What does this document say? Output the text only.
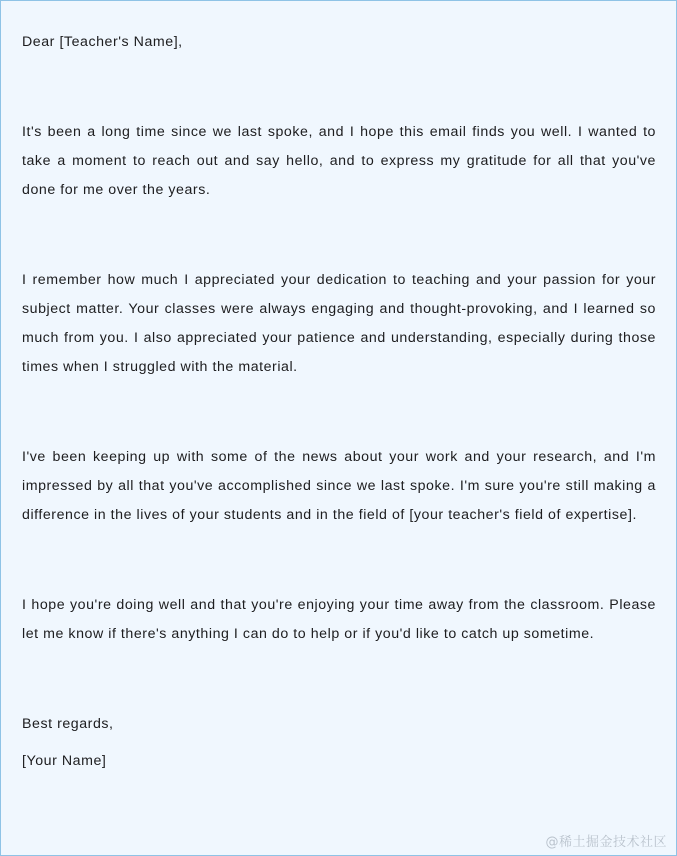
Dear [Teacher's Name],

It's been a long time since we last spoke, and I hope this email finds you well. I wanted to take a moment to reach out and say hello, and to express my gratitude for all that you've done for me over the years.

I remember how much I appreciated your dedication to teaching and your passion for your subject matter. Your classes were always engaging and thought-provoking, and I learned so much from you. I also appreciated your patience and understanding, especially during those times when I struggled with the material.

I've been keeping up with some of the news about your work and your research, and I'm impressed by all that you've accomplished since we last spoke. I'm sure you're still making a difference in the lives of your students and in the field of [your teacher's field of expertise].

I hope you're doing well and that you're enjoying your time away from the classroom. Please let me know if there's anything I can do to help or if you'd like to catch up sometime.

Best regards,

[Your Name]

@稀土掘金技术社区
